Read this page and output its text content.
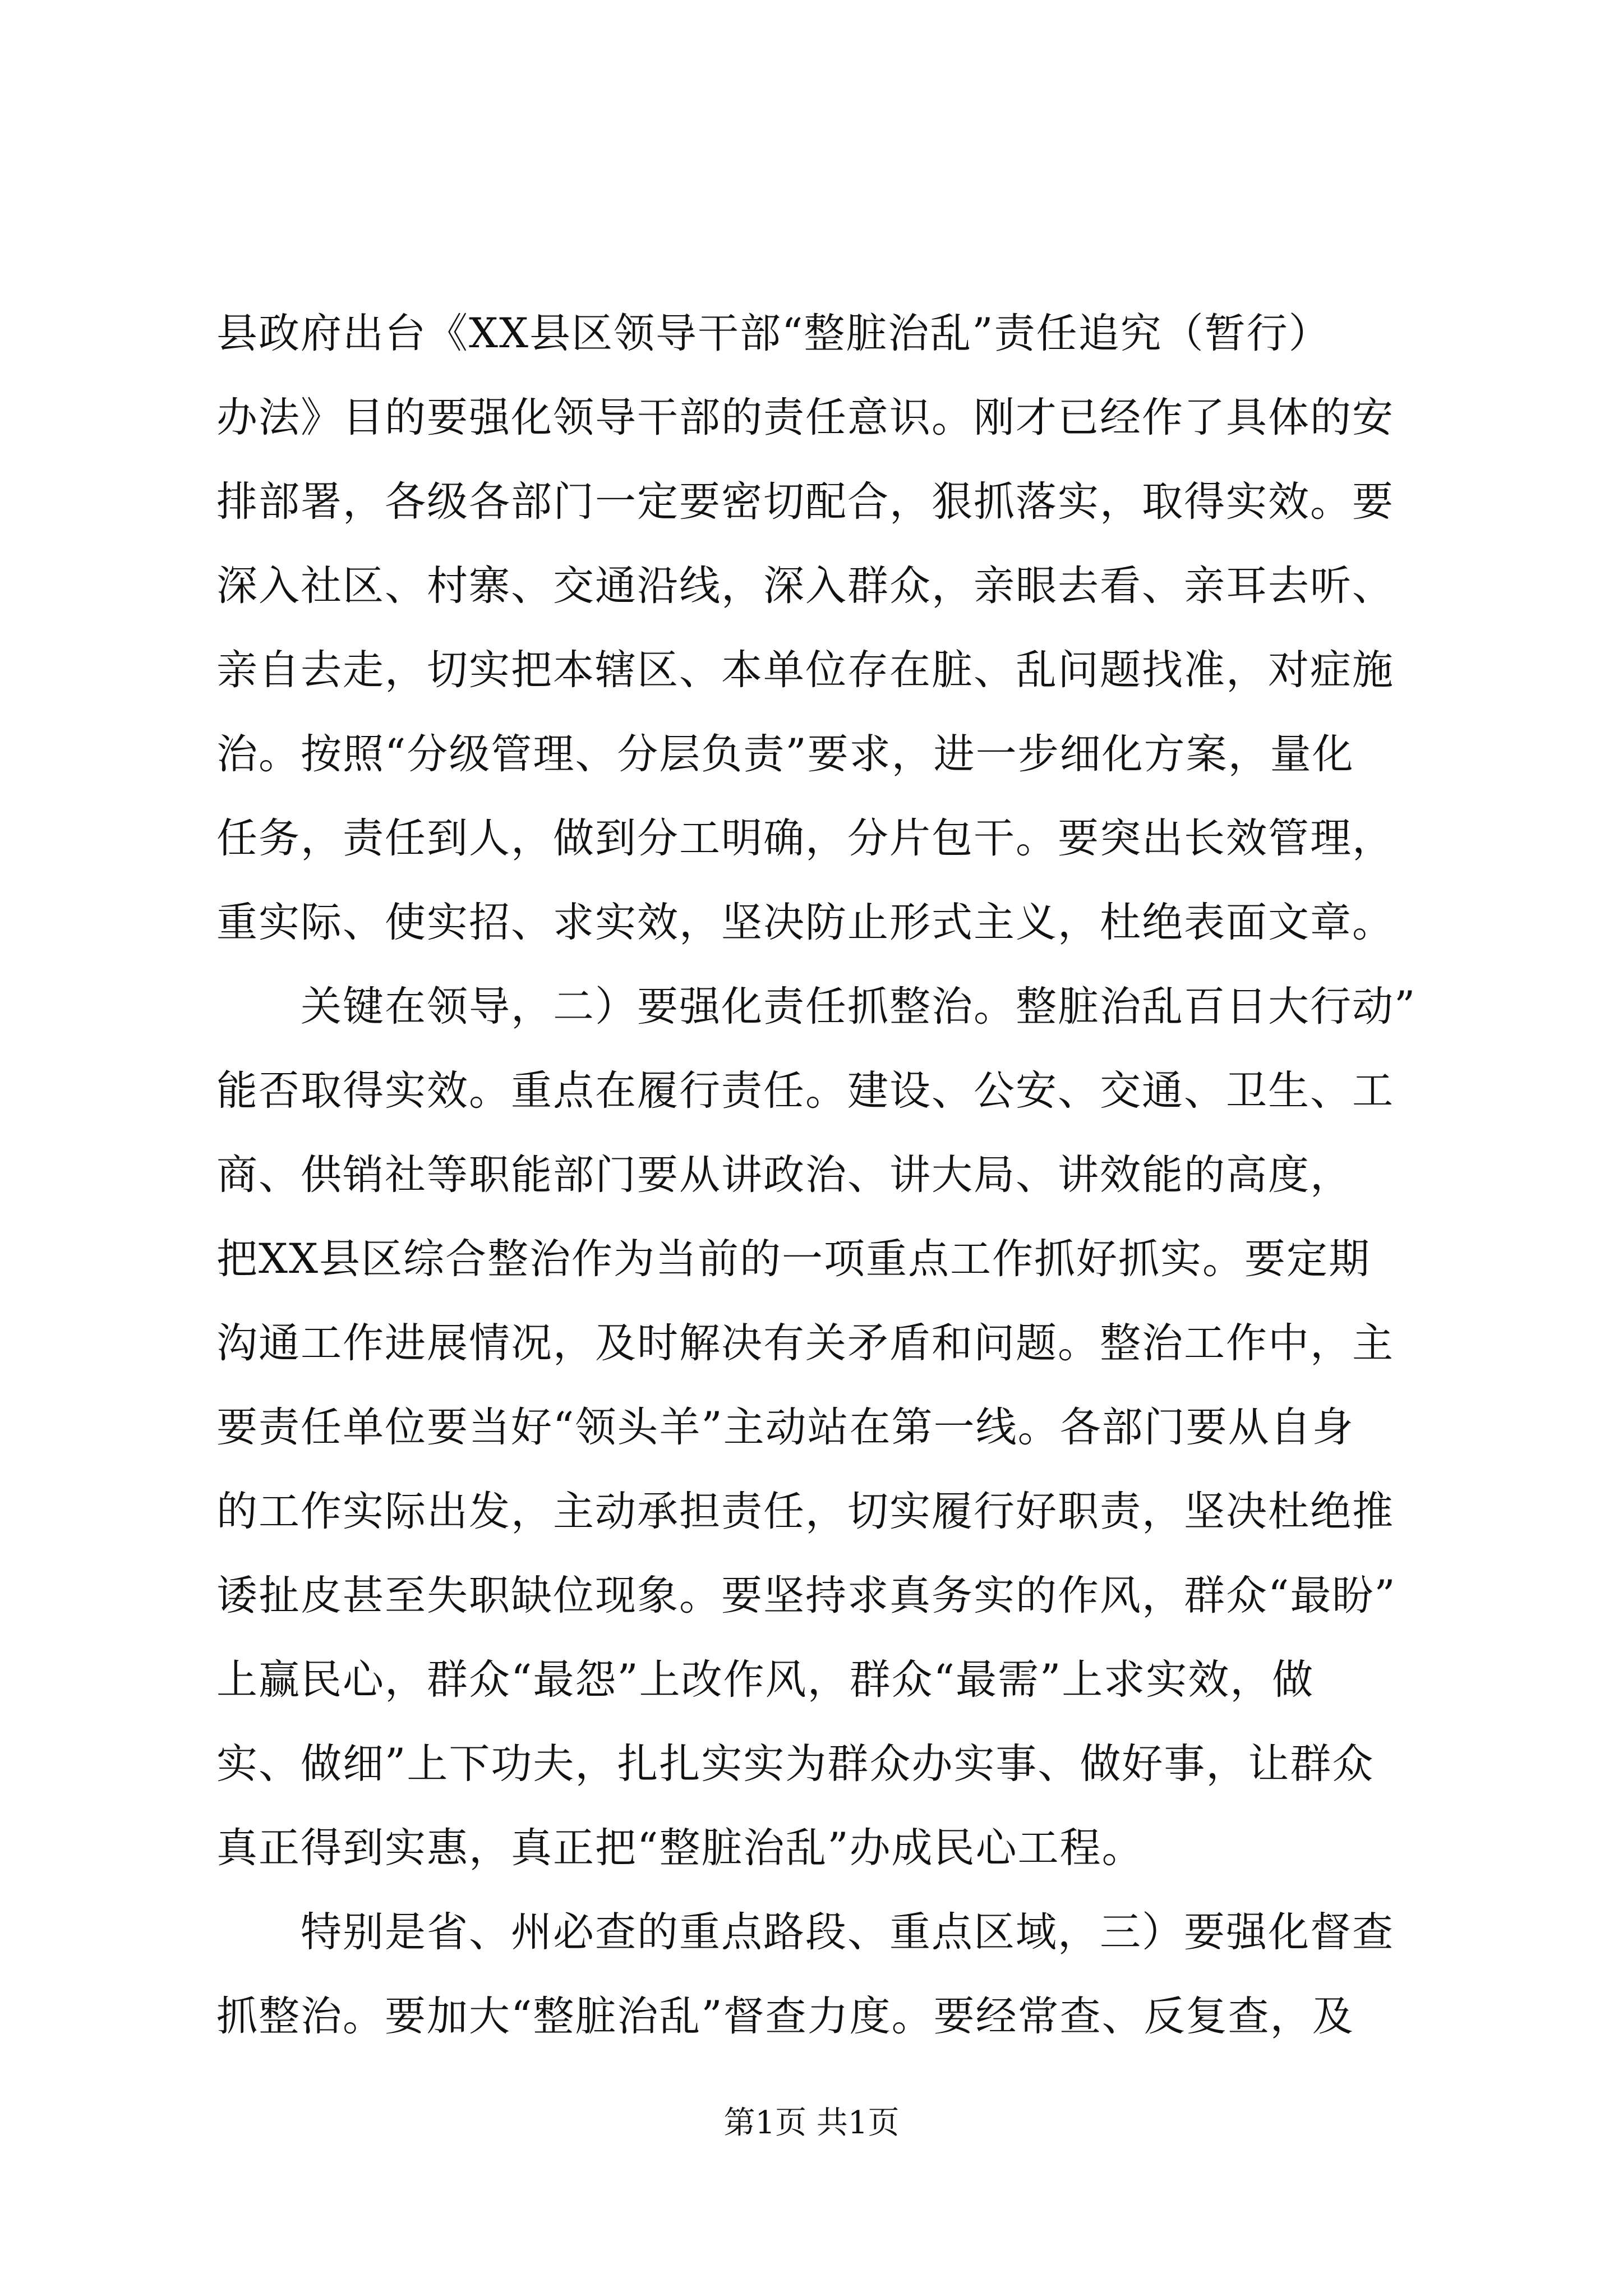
县政府出台《XX县区领导干部“整脏治乱”责任追究（暂行）
办法》目的要强化领导干部的责任意识。刚才已经作了具体的安
排部署，各级各部门一定要密切配合，狠抓落实，取得实效。要
深入社区、村寨、交通沿线，深入群众，亲眼去看、亲耳去听、
亲自去走，切实把本辖区、本单位存在脏、乱问题找准，对症施
治。按照“分级管理、分层负责”要求，进一步细化方案，量化
任务，责任到人，做到分工明确，分片包干。要突出长效管理，
重实际、使实招、求实效，坚决防止形式主义，杜绝表面文章。
关键在领导，二）要强化责任抓整治。整脏治乱百日大行动”
能否取得实效。重点在履行责任。建设、公安、交通、卫生、工
商、供销社等职能部门要从讲政治、讲大局、讲效能的高度，
把XX县区综合整治作为当前的一项重点工作抓好抓实。要定期
沟通工作进展情况，及时解决有关矛盾和问题。整治工作中，主
要责任单位要当好“领头羊”主动站在第一线。各部门要从自身
的工作实际出发，主动承担责任，切实履行好职责，坚决杜绝推
诿扯皮甚至失职缺位现象。要坚持求真务实的作风，群众“最盼”
上赢民心，群众“最怨”上改作风，群众“最需”上求实效，做
实、做细”上下功夫，扎扎实实为群众办实事、做好事，让群众
真正得到实惠，真正把“整脏治乱”办成民心工程。
特别是省、州必查的重点路段、重点区域，三）要强化督查
抓整治。要加大“整脏治乱”督查力度。要经常查、反复查，及
第1页 共1页
